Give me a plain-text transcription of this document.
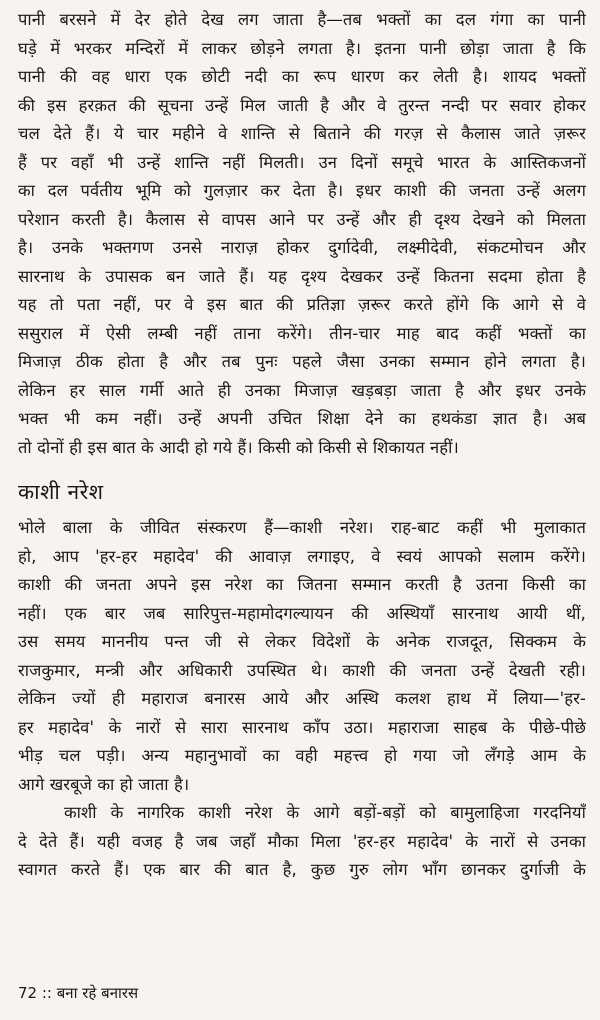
पानी बरसने में देर होते देख लग जाता है—तब भक्तों का दल गंगा का पानी
घड़े में भरकर मन्दिरों में लाकर छोड़ने लगता है। इतना पानी छोड़ा जाता है कि
पानी की वह धारा एक छोटी नदी का रूप धारण कर लेती है। शायद भक्तों
की इस हरक़त की सूचना उन्हें मिल जाती है और वे तुरन्त नन्दी पर सवार होकर
चल देते हैं। ये चार महीने वे शान्ति से बिताने की गरज़ से कैलास जाते ज़रूर
हैं पर वहाँ भी उन्हें शान्ति नहीं मिलती। उन दिनों समूचे भारत के आस्तिकजनों
का दल पर्वतीय भूमि को गुलज़ार कर देता है। इधर काशी की जनता उन्हें अलग
परेशान करती है। कैलास से वापस आने पर उन्हें और ही दृश्य देखने को मिलता
है। उनके भक्तगण उनसे नाराज़ होकर दुर्गादेवी, लक्ष्मीदेवी, संकटमोचन और
सारनाथ के उपासक बन जाते हैं। यह दृश्य देखकर उन्हें कितना सदमा होता है
यह तो पता नहीं, पर वे इस बात की प्रतिज्ञा ज़रूर करते होंगे कि आगे से वे
ससुराल में ऐसी लम्बी नहीं ताना करेंगे। तीन-चार माह बाद कहीं भक्तों का
मिजाज़ ठीक होता है और तब पुनः पहले जैसा उनका सम्मान होने लगता है।
लेकिन हर साल गर्मी आते ही उनका मिजाज़ खड़बड़ा जाता है और इधर उनके
भक्त भी कम नहीं। उन्हें अपनी उचित शिक्षा देने का हथकंडा ज्ञात है। अब
तो दोनों ही इस बात के आदी हो गये हैं। किसी को किसी से शिकायत नहीं।
काशी नरेश
भोले बाला के जीवित संस्करण हैं—काशी नरेश। राह-बाट कहीं भी मुलाकात
हो, आप 'हर-हर महादेव' की आवाज़ लगाइए, वे स्वयं आपको सलाम करेंगे।
काशी की जनता अपने इस नरेश का जितना सम्मान करती है उतना किसी का
नहीं। एक बार जब सारिपुत्त-महामोदगल्यायन की अस्थियाँ सारनाथ आयी थीं,
उस समय माननीय पन्त जी से लेकर विदेशों के अनेक राजदूत, सिक्कम के
राजकुमार, मन्त्री और अधिकारी उपस्थित थे। काशी की जनता उन्हें देखती रही।
लेकिन ज्यों ही महाराज बनारस आये और अस्थि कलश हाथ में लिया—'हर-
हर महादेव' के नारों से सारा सारनाथ काँप उठा। महाराजा साहब के पीछे-पीछे
भीड़ चल पड़ी। अन्य महानुभावों का वही महत्त्व हो गया जो लँगड़े आम के
आगे खरबूजे का हो जाता है।
काशी के नागरिक काशी नरेश के आगे बड़ों-बड़ों को बामुलाहिजा गरदनियाँ
दे देते हैं। यही वजह है जब जहाँ मौका मिला 'हर-हर महादेव' के नारों से उनका
स्वागत करते हैं। एक बार की बात है, कुछ गुरु लोग भाँग छानकर दुर्गाजी के
72 :: बना रहे बनारस
